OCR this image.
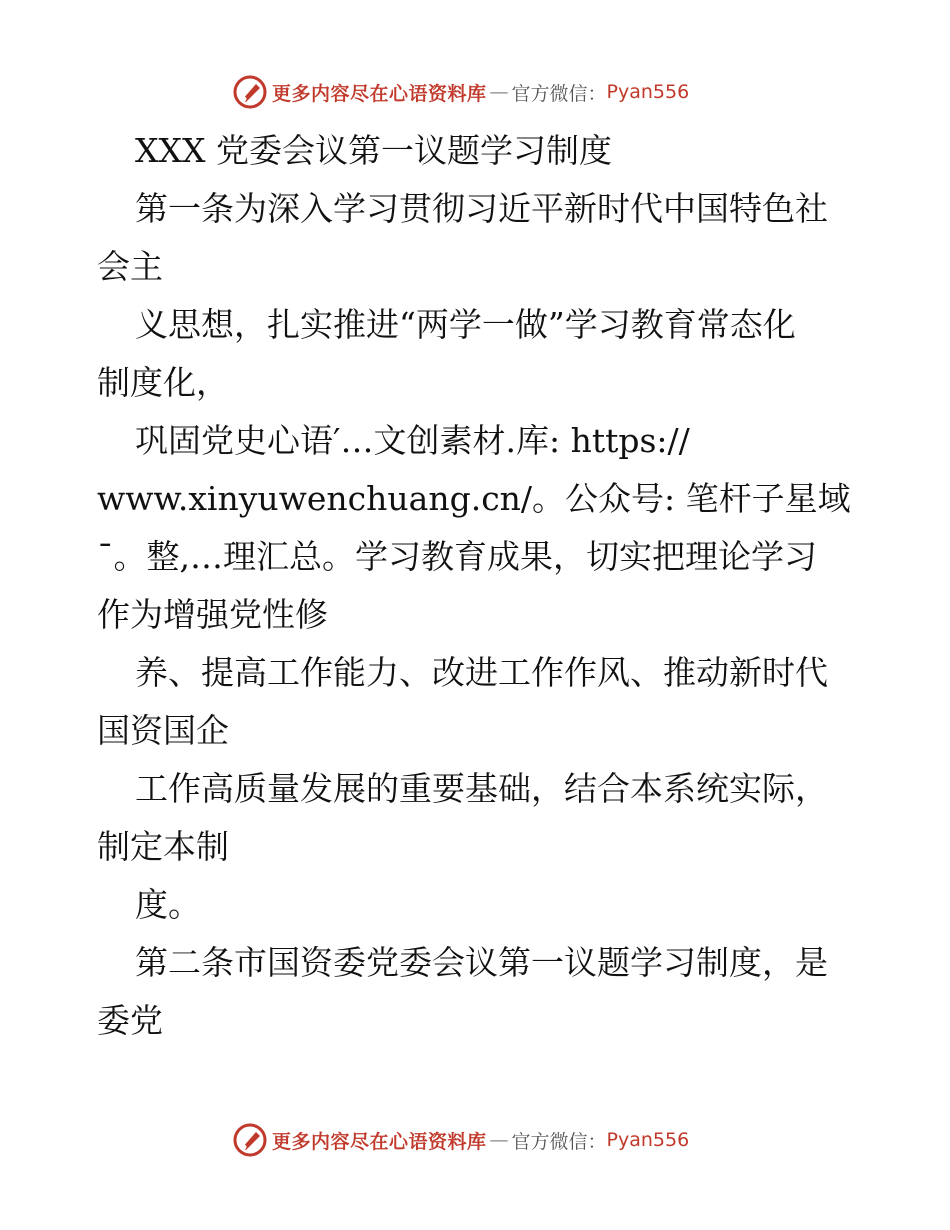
更多内容尽在心语资料库 — 官方微信： Pyan556
XXX 党委会议第一议题学习制度
第一条为深入学习贯彻习近平新时代中国特色社
会主
义思想，扎实推进“两学一做”学习教育常态化
制度化，
巩固党史心语′…文创素材.库: https://
www.xinyuwenchuang.cn/。公众号: 笔杆子星域
¯。整,…理汇总。学习教育成果，切实把理论学习
作为增强党性修
养、提高工作能力、改进工作作风、推动新时代
国资国企
工作高质量发展的重要基础，结合本系统实际，
制定本制
度。
第二条市国资委党委会议第一议题学习制度，是
委党
更多内容尽在心语资料库 — 官方微信： Pyan556
